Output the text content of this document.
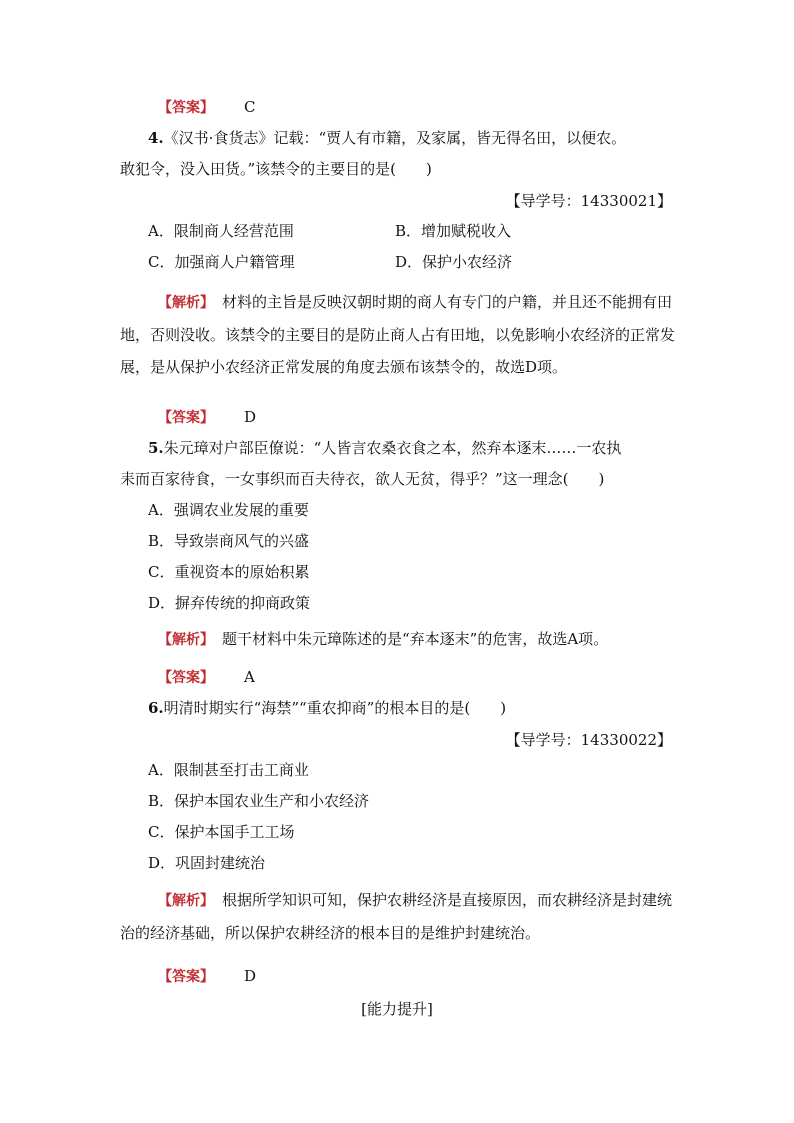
【答案】 C
4.《汉书·食货志》记载：“贾人有市籍，及家属，皆无得名田，以便农。
敢犯令，没入田货。”该禁令的主要目的是(　　)
【导学号：14330021】
A．限制商人经营范围	B．增加赋税收入
C．加强商人户籍管理	D．保护小农经济
【解析】　 材料的主旨是反映汉朝时期的商人有专门的户籍，并且还不能拥有田地，否则没收。该禁令的主要目的是防止商人占有田地，以免影响小农经济的正常发展，是从保护小农经济正常发展的角度去颁布该禁令的，故选D项。
【答案】 D
5.朱元璋对户部臣僚说：“人皆言农桑衣食之本，然弃本逐末……一农执
耒而百家待食，一女事织而百夫待衣，欲人无贫，得乎？”这一理念(　　)
A．强调农业发展的重要
B．导致崇商风气的兴盛
C．重视资本的原始积累
D．摒弃传统的抑商政策
【解析】　 题干材料中朱元璋陈述的是“弃本逐末”的危害，故选A项。
【答案】 A
6.明清时期实行“海禁”“重农抑商”的根本目的是(　　)
【导学号：14330022】
A．限制甚至打击工商业
B．保护本国农业生产和小农经济
C．保护本国手工工场
D．巩固封建统治
【解析】　 根据所学知识可知，保护农耕经济是直接原因，而农耕经济是封建统治的经济基础，所以保护农耕经济的根本目的是维护封建统治。
【答案】 D
[能力提升]
